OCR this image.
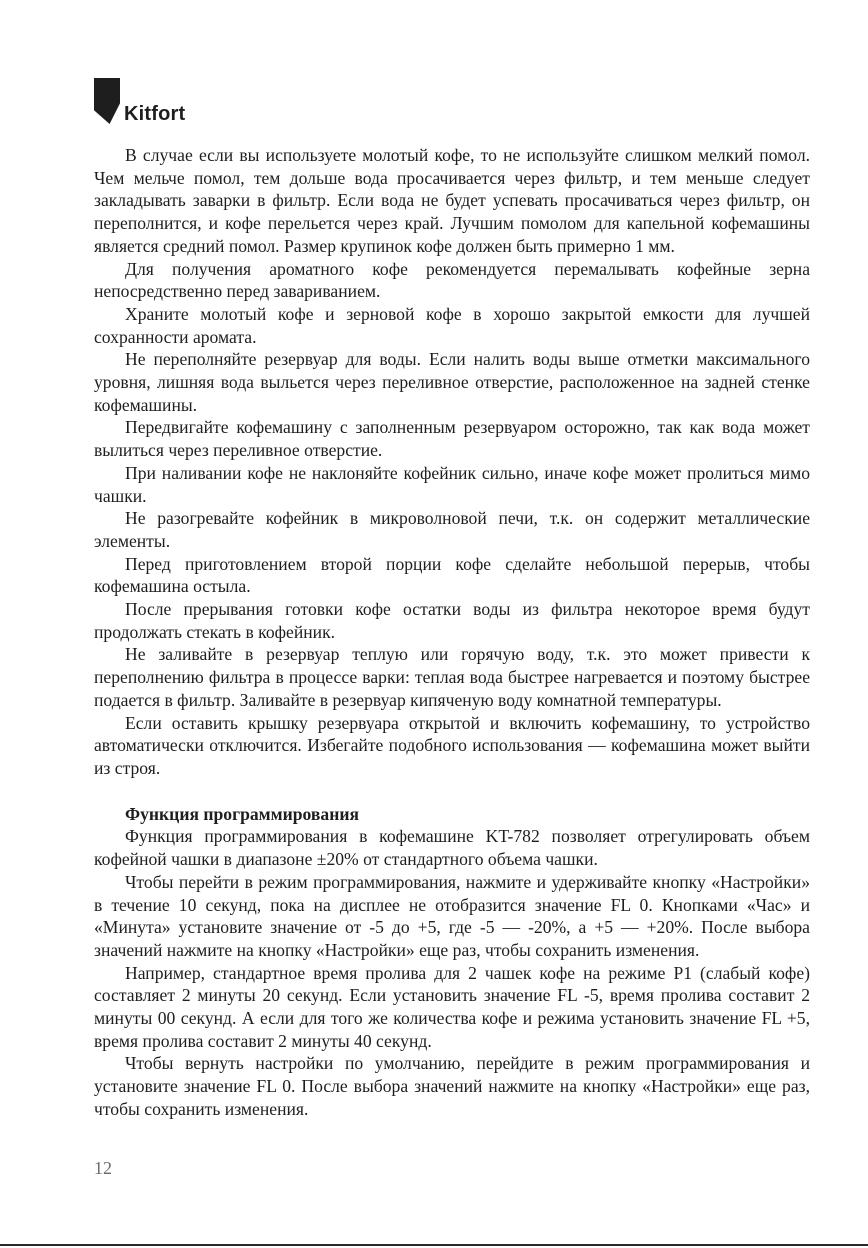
Kitfort

В случае если вы используете молотый кофе, то не используйте слишком мелкий помол. Чем мельче помол, тем дольше вода просачивается через фильтр, и тем меньше следует закладывать заварки в фильтр. Если вода не будет успевать просачиваться через фильтр, он переполнится, и кофе перельется через край. Лучшим помолом для капельной кофемашины является средний помол. Размер крупинок кофе должен быть примерно 1 мм.

Для получения ароматного кофе рекомендуется перемалывать кофейные зерна непосредственно перед завариванием.

Храните молотый кофе и зерновой кофе в хорошо закрытой емкости для лучшей сохранности аромата.

Не переполняйте резервуар для воды. Если налить воды выше отметки максимального уровня, лишняя вода выльется через переливное отверстие, расположенное на задней стенке кофемашины.

Передвигайте кофемашину с заполненным резервуаром осторожно, так как вода может вылиться через переливное отверстие.

При наливании кофе не наклоняйте кофейник сильно, иначе кофе может пролиться мимо чашки.

Не разогревайте кофейник в микроволновой печи, т.к. он содержит металлические элементы.

Перед приготовлением второй порции кофе сделайте небольшой перерыв, чтобы кофемашина остыла.

После прерывания готовки кофе остатки воды из фильтра некоторое время будут продолжать стекать в кофейник.

Не заливайте в резервуар теплую или горячую воду, т.к. это может привести к переполнению фильтра в процессе варки: теплая вода быстрее нагревается и поэтому быстрее подается в фильтр. Заливайте в резервуар кипяченую воду комнатной температуры.

Если оставить крышку резервуара открытой и включить кофемашину, то устройство автоматически отключится. Избегайте подобного использования — кофемашина может выйти из строя.

Функция программирования

Функция программирования в кофемашине KT-782 позволяет отрегулировать объем кофейной чашки в диапазоне ±20% от стандартного объема чашки.

Чтобы перейти в режим программирования, нажмите и удерживайте кнопку «Настройки» в течение 10 секунд, пока на дисплее не отобразится значение FL 0. Кнопками «Час» и «Минута» установите значение от -5 до +5, где -5 — -20%, а +5 — +20%. После выбора значений нажмите на кнопку «Настройки» еще раз, чтобы сохранить изменения.

Например, стандартное время пролива для 2 чашек кофе на режиме P1 (слабый кофе) составляет 2 минуты 20 секунд. Если установить значение FL -5, время пролива составит 2 минуты 00 секунд. А если для того же количества кофе и режима установить значение FL +5, время пролива составит 2 минуты 40 секунд.

Чтобы вернуть настройки по умолчанию, перейдите в режим программирования и установите значение FL 0. После выбора значений нажмите на кнопку «Настройки» еще раз, чтобы сохранить изменения.

12
